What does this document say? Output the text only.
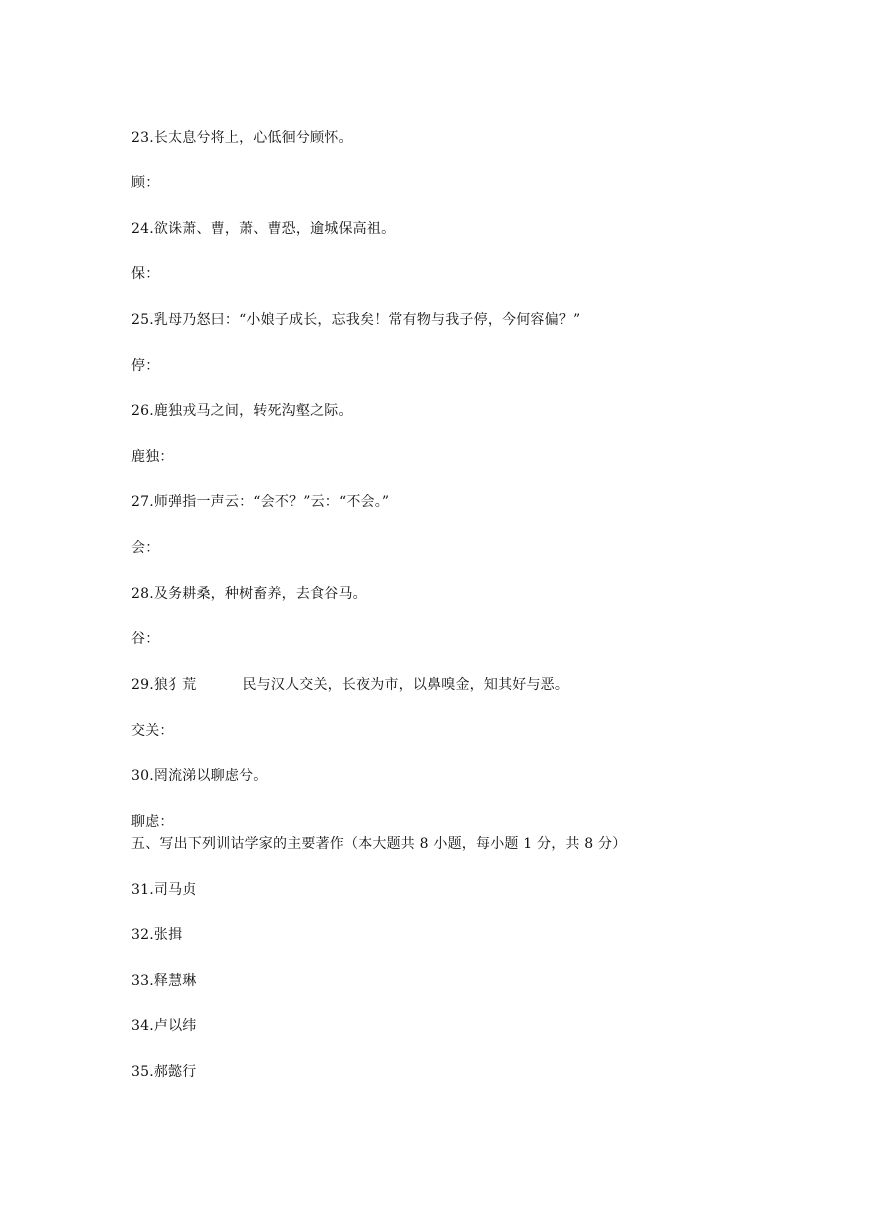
23.长太息兮将上，心低徊兮顾怀。
顾：
24.欲诛萧、曹，萧、曹恐，逾城保高祖。
保：
25.乳母乃怒曰：“小娘子成长，忘我矣！常有物与我子停，今何容偏？”
停：
26.鹿独戎马之间，转死沟壑之际。
鹿独：
27.师弹指一声云：“会不？”云：“不会。”
会：
28.及务耕桑，种树畜养，去食谷马。
谷：
29.狼犭荒	民与汉人交关，长夜为市，以鼻嗅金，知其好与恶。
交关：
30.罔流涕以聊虑兮。
聊虑：
五、写出下列训诂学家的主要著作（本大题共 8 小题，每小题 1 分，共 8 分）
31.司马贞
32.张揖
33.释慧琳
34.卢以纬
35.郝懿行
